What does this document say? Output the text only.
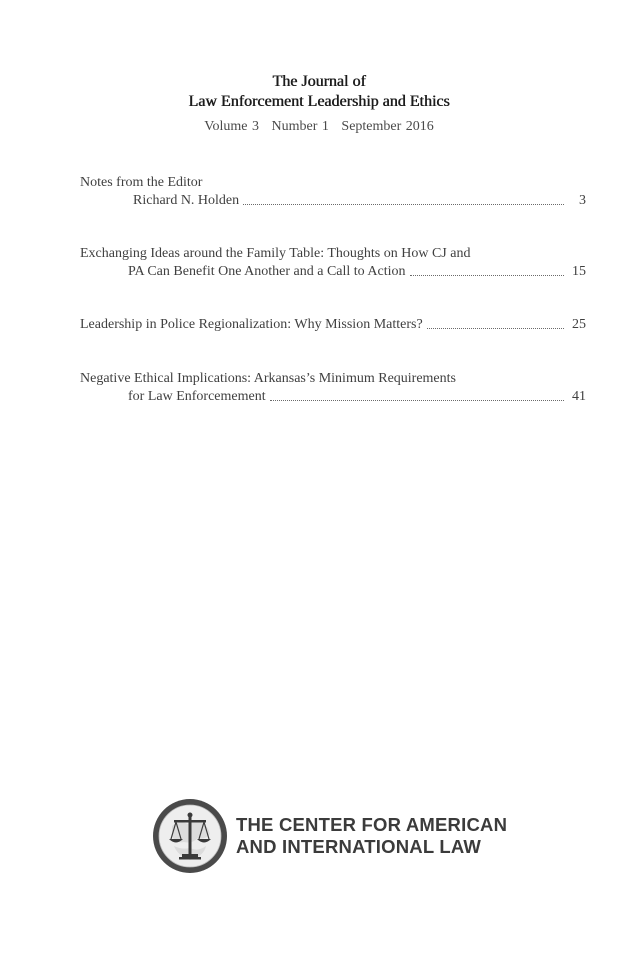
The Journal of
Law Enforcement Leadership and Ethics
Volume 3 Number 1 September 2016
Notes from the Editor
Richard N. Holden	3
Exchanging Ideas around the Family Table: Thoughts on How CJ and
PA Can Benefit One Another and a Call to Action	15
Leadership in Police Regionalization: Why Mission Matters?	25
Negative Ethical Implications: Arkansas’s Minimum Requirements
for Law Enforcemement	41
THE CENTER FOR AMERICAN
AND INTERNATIONAL LAW
